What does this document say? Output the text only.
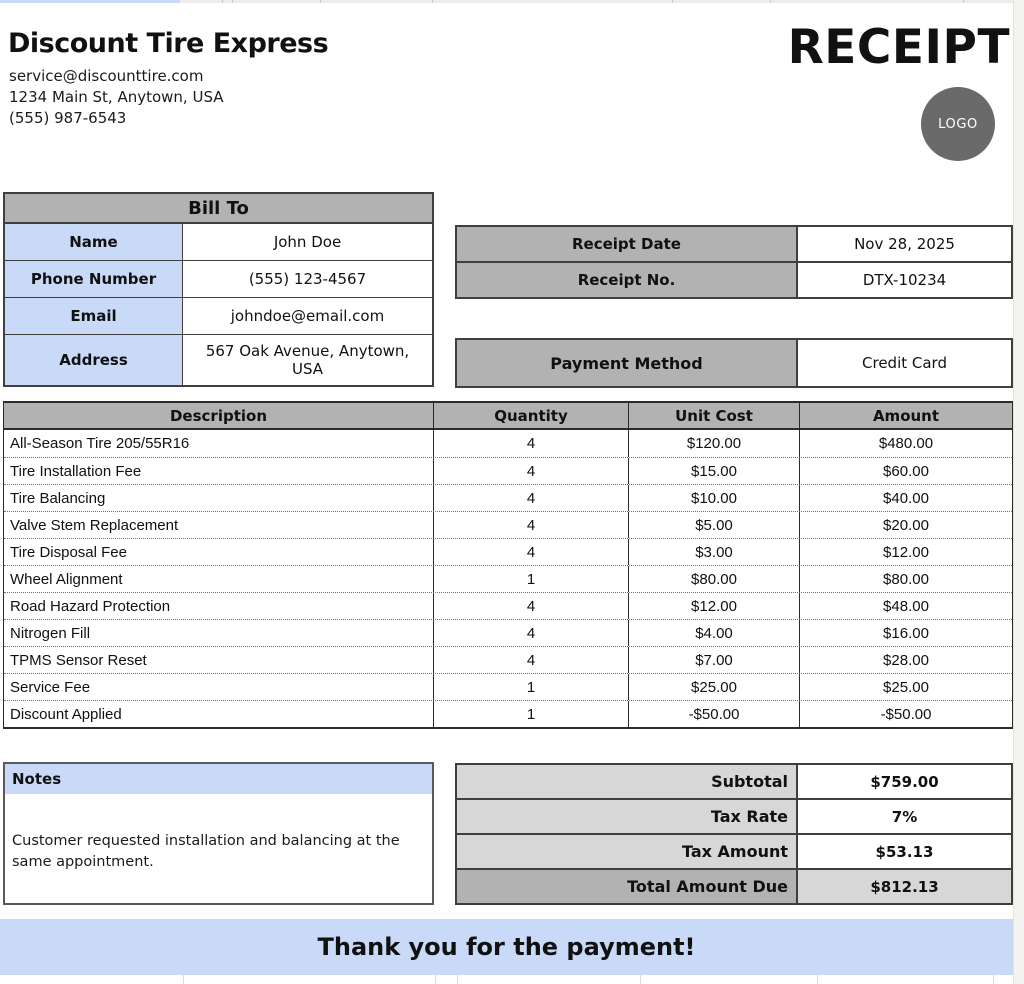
Discount Tire Express
service@discounttire.com
1234 Main St, Anytown, USA
(555) 987-6543
RECEIPT
LOGO
Bill To
Name	John Doe
Phone Number	(555) 123-4567
Email	johndoe@email.com
Address	567 Oak Avenue, Anytown, USA
Receipt Date	Nov 28, 2025
Receipt No.	DTX-10234
Payment Method	Credit Card
Description	Quantity	Unit Cost	Amount
All-Season Tire 205/55R16	4	$120.00	$480.00
Tire Installation Fee	4	$15.00	$60.00
Tire Balancing	4	$10.00	$40.00
Valve Stem Replacement	4	$5.00	$20.00
Tire Disposal Fee	4	$3.00	$12.00
Wheel Alignment	1	$80.00	$80.00
Road Hazard Protection	4	$12.00	$48.00
Nitrogen Fill	4	$4.00	$16.00
TPMS Sensor Reset	4	$7.00	$28.00
Service Fee	1	$25.00	$25.00
Discount Applied	1	-$50.00	-$50.00
Notes
Customer requested installation and balancing at the same appointment.
Subtotal	$759.00
Tax Rate	7%
Tax Amount	$53.13
Total Amount Due	$812.13
Thank you for the payment!
